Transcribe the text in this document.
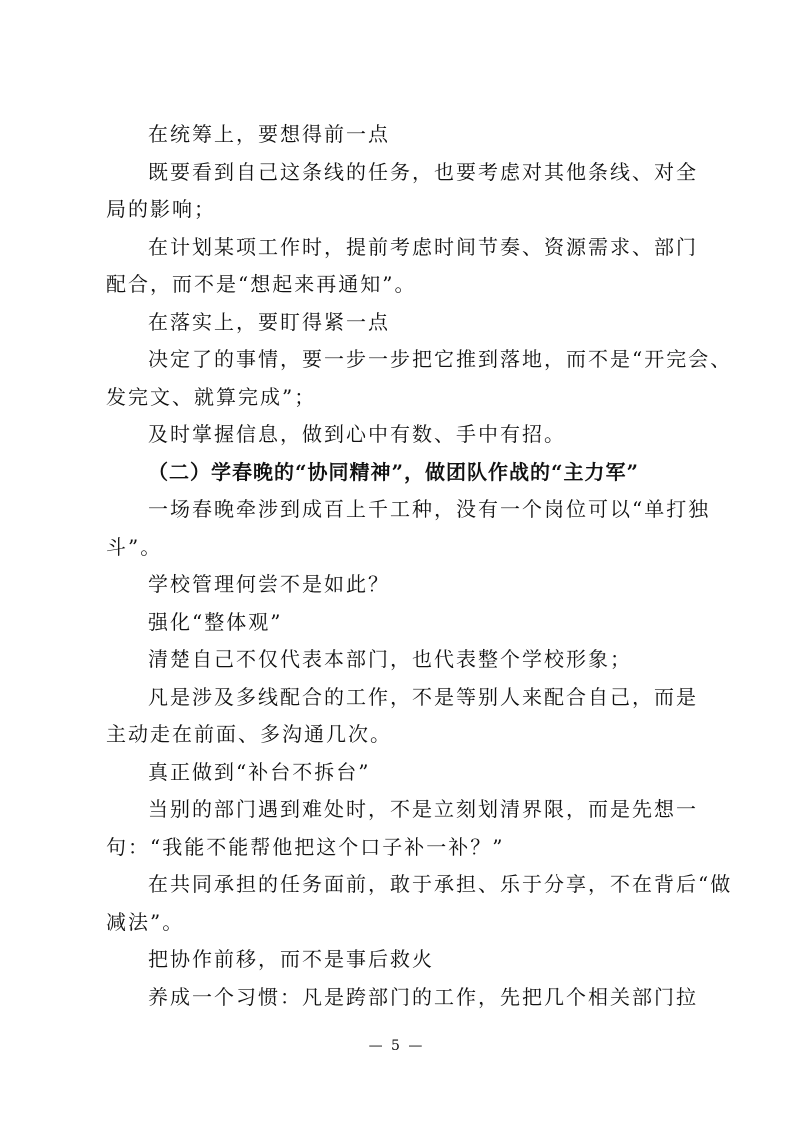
在统筹上，要想得前一点
既要看到自己这条线的任务，也要考虑对其他条线、对全
局的影响；
在计划某项工作时，提前考虑时间节奏、资源需求、部门
配合，而不是“想起来再通知”。
在落实上，要盯得紧一点
决定了的事情，要一步一步把它推到落地，而不是“开完会、
发完文、就算完成”；
及时掌握信息，做到心中有数、手中有招。
（二）学春晚的“协同精神”，做团队作战的“主力军”
一场春晚牵涉到成百上千工种，没有一个岗位可以“单打独
斗”。
学校管理何尝不是如此？
强化“整体观”
清楚自己不仅代表本部门，也代表整个学校形象；
凡是涉及多线配合的工作，不是等别人来配合自己，而是
主动走在前面、多沟通几次。
真正做到“补台不拆台”
当别的部门遇到难处时，不是立刻划清界限，而是先想一
句：“我能不能帮他把这个口子补一补？”
在共同承担的任务面前，敢于承担、乐于分享，不在背后“做
减法”。
把协作前移，而不是事后救火
养成一个习惯：凡是跨部门的工作，先把几个相关部门拉
— 5 —
